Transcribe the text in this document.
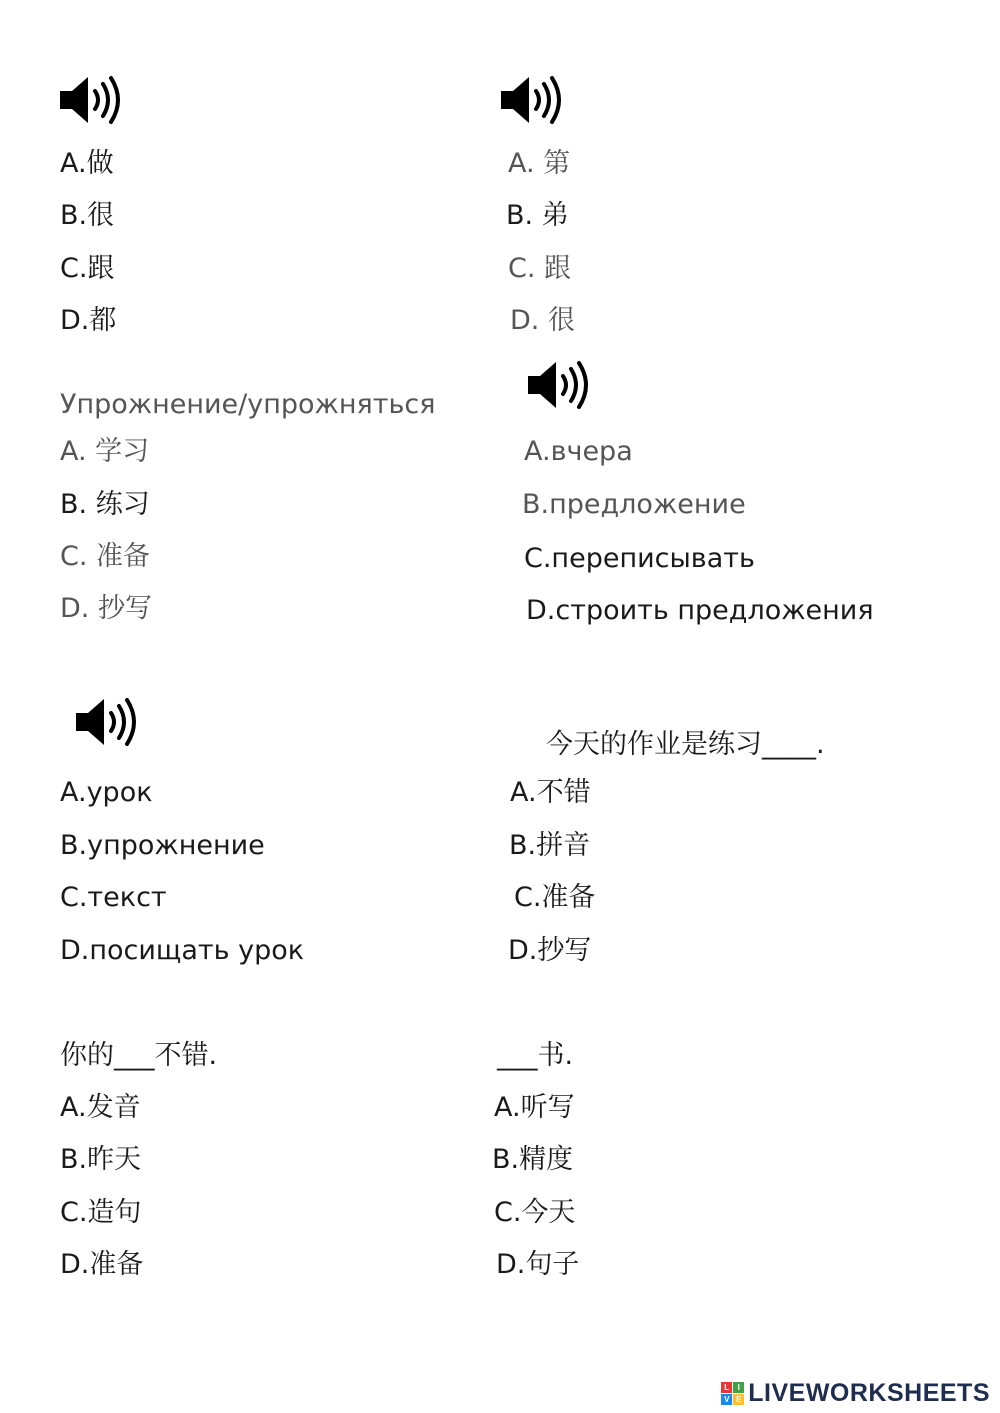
A.做
B.很
C.跟
D.都
A. 第
B. 弟
C. 跟
D. 很
Упрожнение/упрожняться
A. 学习
B. 练习
C. 准备
D. 抄写
A.вчера
B.предложение
C.переписывать
D.строить предложения
A.урок
B.упрожнение
C.текст
D.посищать урок
今天的作业是练习____.
A.不错
B.拼音
C.准备
D.抄写
你的___不错.
A.发音
B.昨天
C.造句
D.准备
___书.
A.听写
B.精度
C.今天
D.句子
L	I
V E LIVEWORKSHEETS
